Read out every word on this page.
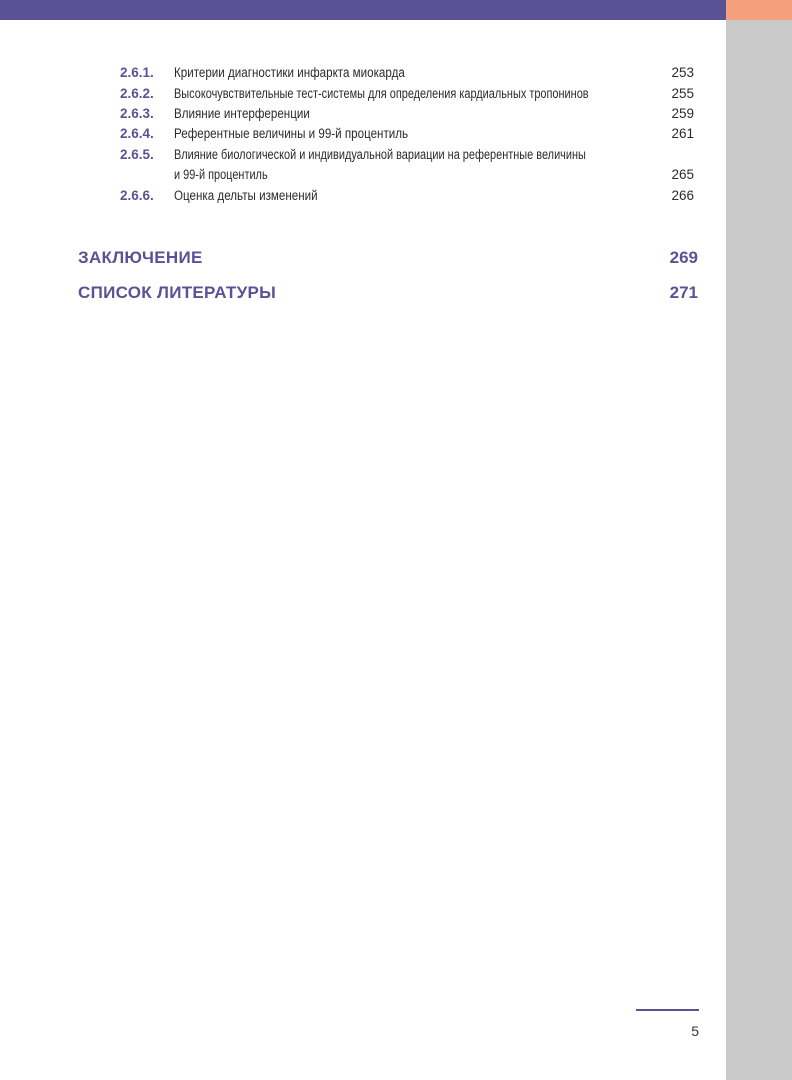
2.6.1. Критерии диагностики инфаркта миокарда	253
2.6.2. Высокочувствительные тест-системы для определения кардиальных тропонинов	255
2.6.3. Влияние интерференции	259
2.6.4. Референтные величины и 99-й процентиль	261
2.6.5. Влияние биологической и индивидуальной вариации на референтные величины
и 99-й процентиль	265
2.6.6. Оценка дельты изменений	266
ЗАКЛЮЧЕНИЕ	269
СПИСОК ЛИТЕРАТУРЫ	271
5
